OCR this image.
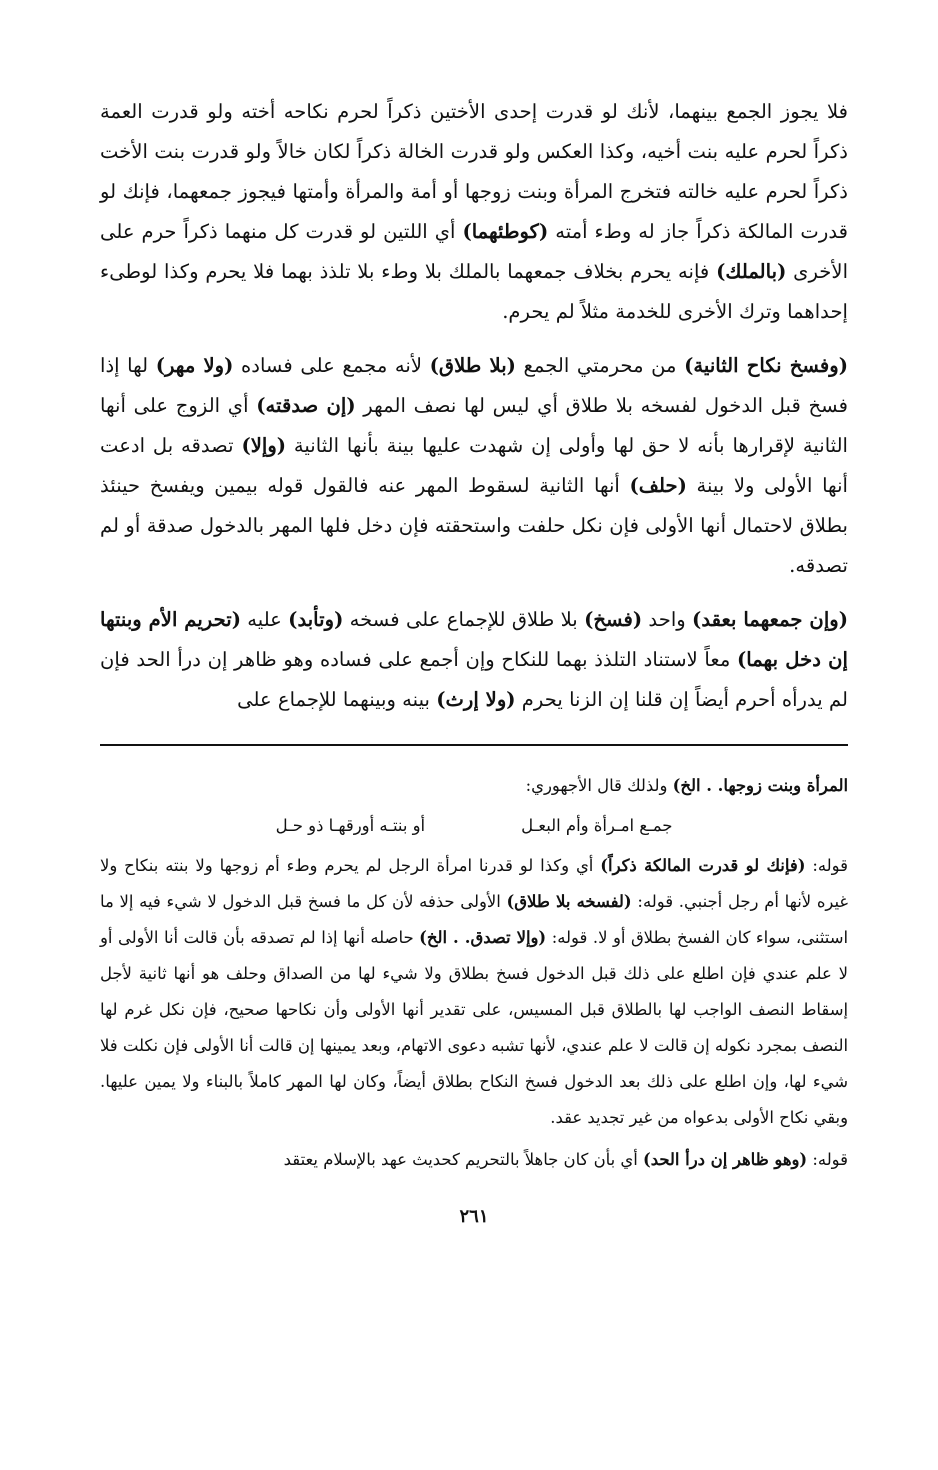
فلا يجوز الجمع بينهما، لأنك لو قدرت إحدى الأختين ذكراً لحرم نكاحه أخته ولو قدرت العمة ذكراً لحرم عليه بنت أخيه، وكذا العكس ولو قدرت الخالة ذكراً لكان خالاً ولو قدرت بنت الأخت ذكراً لحرم عليه خالته فتخرج المرأة وبنت زوجها أو أمة والمرأة وأمتها فيجوز جمعهما، فإنك لو قدرت المالكة ذكراً جاز له وطء أمته (كوطئهما) أي اللتين لو قدرت كل منهما ذكراً حرم على الأخرى (بالملك) فإنه يحرم بخلاف جمعهما بالملك بلا وطء بلا تلذذ بهما فلا يحرم وكذا لوطىء إحداهما وترك الأخرى للخدمة مثلاً لم يحرم.

(وفسخ نكاح الثانية) من محرمتي الجمع (بلا طلاق) لأنه مجمع على فساده (ولا مهر) لها إذا فسخ قبل الدخول لفسخه بلا طلاق أي ليس لها نصف المهر (إن صدقته) أي الزوج على أنها الثانية لإقرارها بأنه لا حق لها وأولى إن شهدت عليها بينة بأنها الثانية (وإلا) تصدقه بل ادعت أنها الأولى ولا بينة (حلف) أنها الثانية لسقوط المهر عنه فالقول قوله بيمين ويفسخ حينئذ بطلاق لاحتمال أنها الأولى فإن نكل حلفت واستحقته فإن دخل فلها المهر بالدخول صدقة أو لم تصدقه.

(وإن جمعهما بعقد) واحد (فسخ) بلا طلاق للإجماع على فسخه (وتأبد) عليه (تحريم الأم وبنتها إن دخل بهما) معاً لاستناد التلذذ بهما للنكاح وإن أجمع على فساده وهو ظاهر إن درأ الحد فإن لم يدرأه أحرم أيضاً إن قلنا إن الزنا يحرم (ولا إرث) بينه وبينهما للإجماع على

المرأة وبنت زوجها. . الخ) ولذلك قال الأجهوري:

جمـع امـرأة وأم البعـل
أو بنتـه أورقهـا ذو حـل

قوله: (فإنك لو قدرت المالكة ذكراً) أي وكذا لو قدرنا امرأة الرجل لم يحرم وطء أم زوجها ولا بنته بنكاح ولا غيره لأنها أم رجل أجنبي. قوله: (لفسخه بلا طلاق) الأولى حذفه لأن كل ما فسخ قبل الدخول لا شيء فيه إلا ما استثنى، سواء كان الفسخ بطلاق أو لا. قوله: (وإلا تصدق. . الخ) حاصله أنها إذا لم تصدقه بأن قالت أنا الأولى أو لا علم عندي فإن اطلع على ذلك قبل الدخول فسخ بطلاق ولا شيء لها من الصداق وحلف هو أنها ثانية لأجل إسقاط النصف الواجب لها بالطلاق قبل المسيس، على تقدير أنها الأولى وأن نكاحها صحيح، فإن نكل غرم لها النصف بمجرد نكوله إن قالت لا علم عندي، لأنها تشبه دعوى الاتهام، وبعد يمينها إن قالت أنا الأولى فإن نكلت فلا شيء لها، وإن اطلع على ذلك بعد الدخول فسخ النكاح بطلاق أيضاً، وكان لها المهر كاملاً بالبناء ولا يمين عليها. وبقي نكاح الأولى بدعواه من غير تجديد عقد.

قوله: (وهو ظاهر إن درأ الحد) أي بأن كان جاهلاً بالتحريم كحديث عهد بالإسلام يعتقد

٢٦١
